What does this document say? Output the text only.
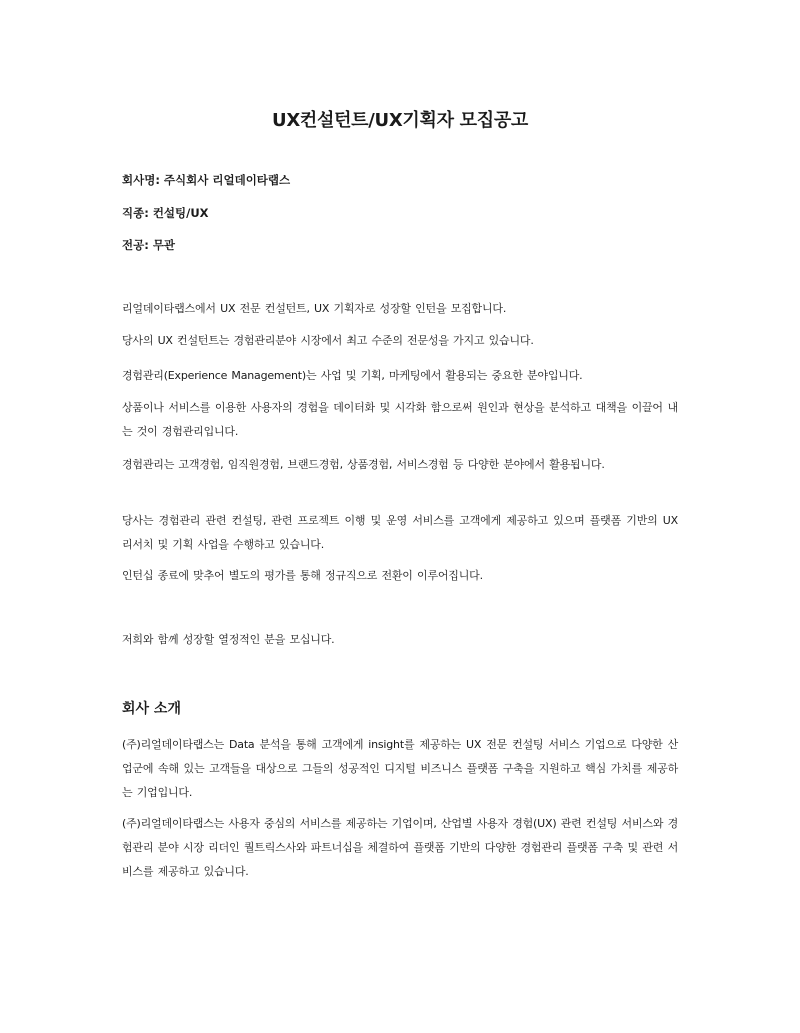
UX컨설턴트/UX기획자 모집공고

회사명: 주식회사 리얼데이타랩스

직종: 컨설팅/UX

전공: 무관

리얼데이타랩스에서 UX 전문 컨설턴트, UX 기획자로 성장할 인턴을 모집합니다.

당사의 UX 컨설턴트는 경험관리분야 시장에서 최고 수준의 전문성을 가지고 있습니다.

경험관리(Experience Management)는 사업 및 기획, 마케팅에서 활용되는 중요한 분야입니다.

상품이나 서비스를 이용한 사용자의 경험을 데이터화 및 시각화 함으로써 원인과 현상을 분석하고 대책을 이끌어 내는 것이 경험관리입니다.

경험관리는 고객경험, 임직원경험, 브랜드경험, 상품경험, 서비스경험 등 다양한 분야에서 활용됩니다.

당사는 경험관리 관련 컨설팅, 관련 프로젝트 이행 및 운영 서비스를 고객에게 제공하고 있으며 플랫폼 기반의 UX 리서치 및 기획 사업을 수행하고 있습니다.

인턴십 종료에 맞추어 별도의 평가를 통해 정규직으로 전환이 이루어집니다.

저희와 함께 성장할 열정적인 분을 모십니다.

회사 소개

(주)리얼데이타랩스는 Data 분석을 통해 고객에게 insight를 제공하는 UX 전문 컨설팅 서비스 기업으로 다양한 산업군에 속해 있는 고객들을 대상으로 그들의 성공적인 디지털 비즈니스 플랫폼 구축을 지원하고 핵심 가치를 제공하는 기업입니다.

(주)리얼데이타랩스는 사용자 중심의 서비스를 제공하는 기업이며, 산업별 사용자 경험(UX) 관련 컨설팅 서비스와 경험관리 분야 시장 리더인 퀄트릭스사와 파트너십을 체결하여 플랫폼 기반의 다양한 경험관리 플랫폼 구축 및 관련 서비스를 제공하고 있습니다.
